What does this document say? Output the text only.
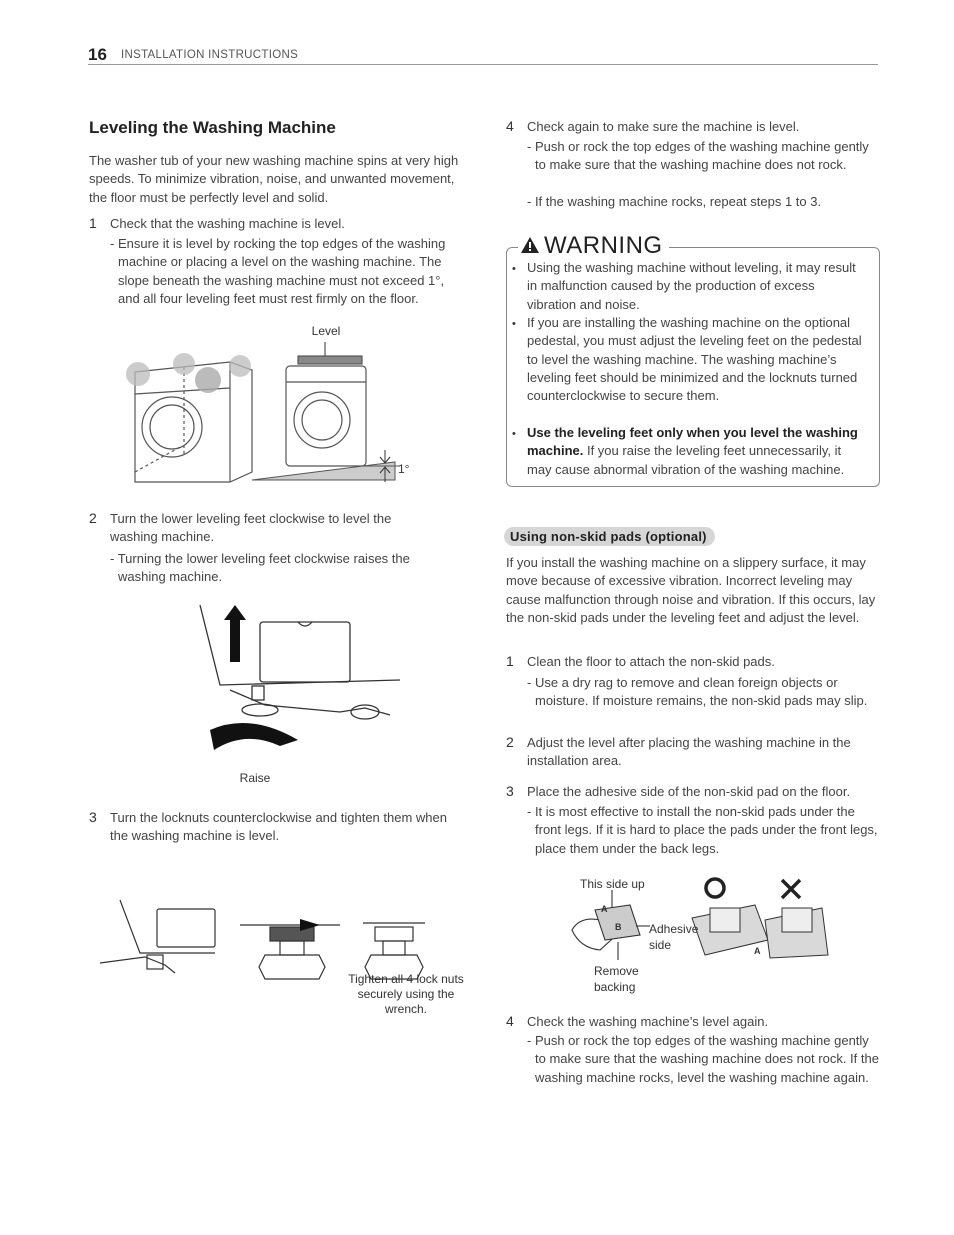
16 INSTALLATION INSTRUCTIONS
Leveling the Washing Machine
The washer tub of your new washing machine spins at very high speeds. To minimize vibration, noise, and unwanted movement, the floor must be perfectly level and solid.
1 Check that the washing machine is level.
- Ensure it is level by rocking the top edges of the washing machine or placing a level on the washing machine. The slope beneath the washing machine must not exceed 1°, and all four leveling feet must rest firmly on the floor.
Level
1°
2 Turn the lower leveling feet clockwise to level the washing machine.
- Turning the lower leveling feet clockwise raises the washing machine.
Raise
3 Turn the locknuts counterclockwise and tighten them when the washing machine is level.
Tighten all 4 lock nuts securely using the wrench.
4 Check again to make sure the machine is level.
- Push or rock the top edges of the washing machine gently to make sure that the washing machine does not rock.
- If the washing machine rocks, repeat steps 1 to 3.
WARNING
• Using the washing machine without leveling, it may result in malfunction caused by the production of excess vibration and noise.
• If you are installing the washing machine on the optional pedestal, you must adjust the leveling feet on the pedestal to level the washing machine. The washing machine’s leveling feet should be minimized and the locknuts turned counterclockwise to secure them.
• Use the leveling feet only when you level the washing machine. If you raise the leveling feet unnecessarily, it may cause abnormal vibration of the washing machine.
Using non-skid pads (optional)
If you install the washing machine on a slippery surface, it may move because of excessive vibration. Incorrect leveling may cause malfunction through noise and vibration. If this occurs, lay the non-skid pads under the leveling feet and adjust the level.
1 Clean the floor to attach the non-skid pads.
- Use a dry rag to remove and clean foreign objects or moisture. If moisture remains, the non-skid pads may slip.
2 Adjust the level after placing the washing machine in the installation area.
3 Place the adhesive side of the non-skid pad on the floor.
- It is most effective to install the non-skid pads under the front legs. If it is hard to place the pads under the front legs, place them under the back legs.
This side up
Adhesive
side
Remove
backing
A
B
A
4 Check the washing machine’s level again.
- Push or rock the top edges of the washing machine gently to make sure that the washing machine does not rock. If the washing machine rocks, level the washing machine again.
